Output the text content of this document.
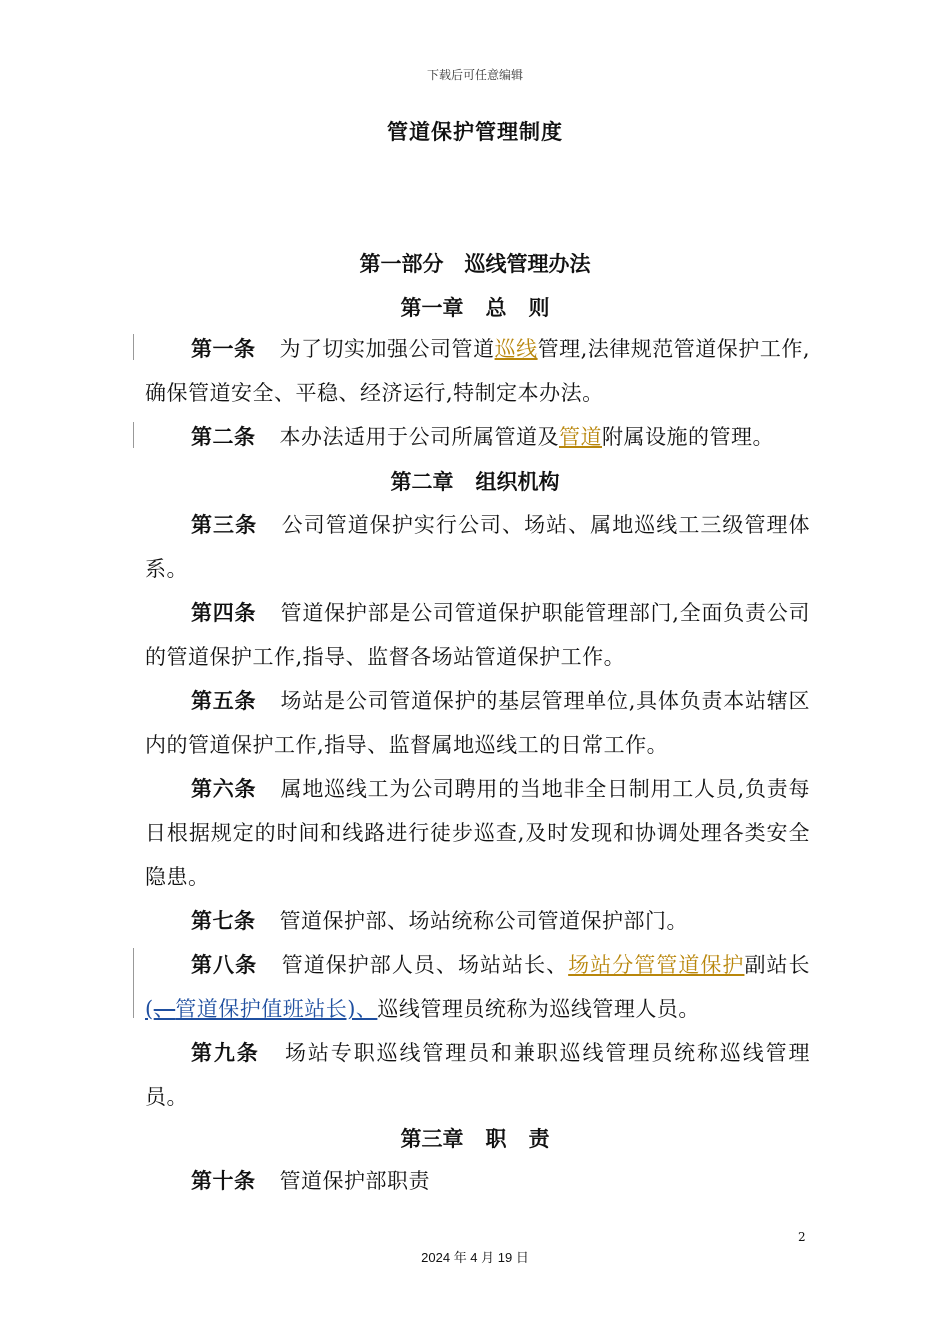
下载后可任意编辑
管道保护管理制度
第一部分　巡线管理办法
第一章 总 则
第一条 为了切实加强公司管道巡线管理,法律规范管道保护工作,确保管道安全、平稳、经济运行,特制定本办法。
第二条 本办法适用于公司所属管道及管道附属设施的管理。
第二章 组织机构
第三条 公司管道保护实行公司、场站、属地巡线工三级管理体系。
第四条 管道保护部是公司管道保护职能管理部门,全面负责公司的管道保护工作,指导、监督各场站管道保护工作。
第五条 场站是公司管道保护的基层管理单位,具体负责本站辖区内的管道保护工作,指导、监督属地巡线工的日常工作。
第六条 属地巡线工为公司聘用的当地非全日制用工人员,负责每日根据规定的时间和线路进行徒步巡查,及时发现和协调处理各类安全隐患。
第七条 管道保护部、场站统称公司管道保护部门。
第八条 管道保护部人员、场站站长、场站分管管道保护副站长(、管道保护值班站长)、巡线管理员统称为巡线管理人员。
第九条 场站专职巡线管理员和兼职巡线管理员统称巡线管理员。
第三章 职 责
第十条 管道保护部职责
2
2024 年 4 月 19 日
